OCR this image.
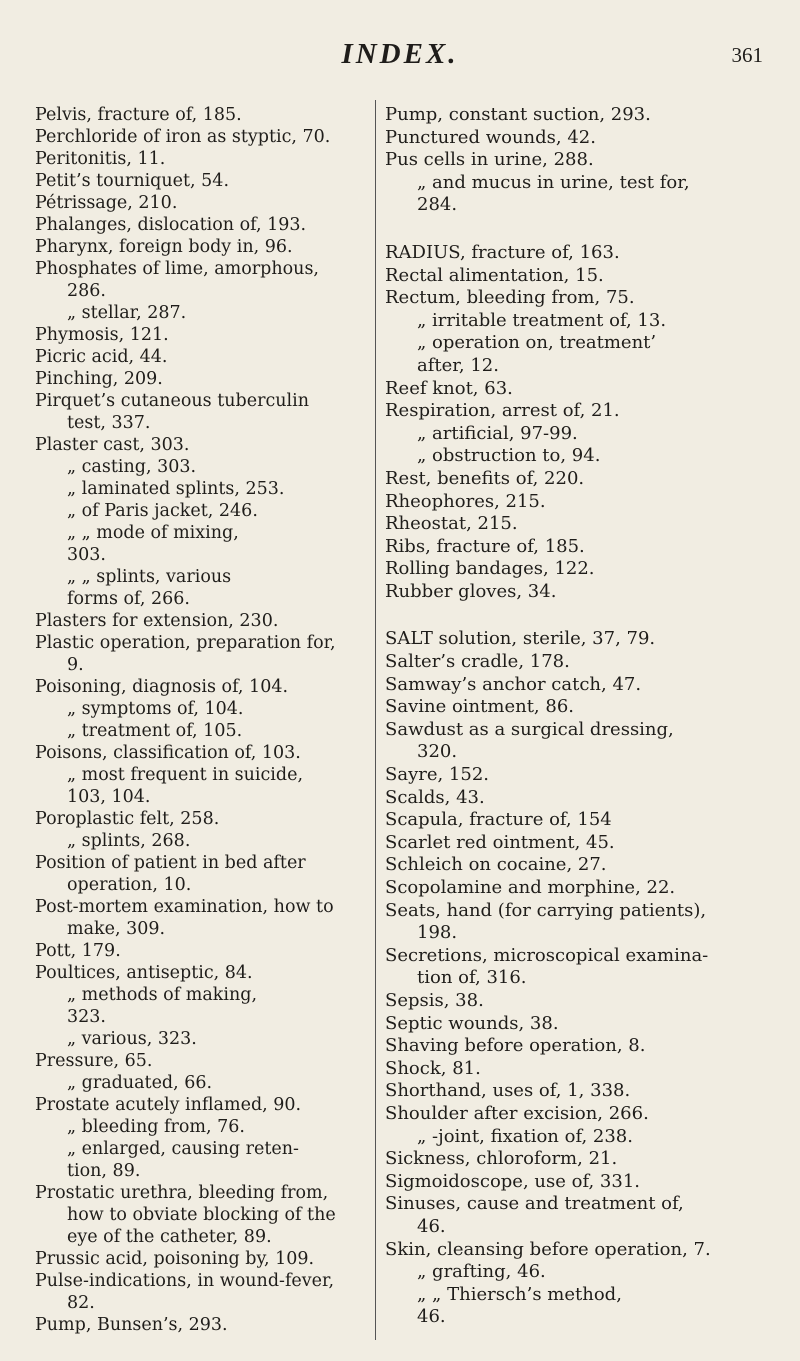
INDEX.	361
Pelvis, fracture of, 185.
Perchloride of iron as styptic, 70.
Peritonitis, 11.
Petit’s tourniquet, 54.
Pétrissage, 210.
Phalanges, dislocation of, 193.
Pharynx, foreign body in, 96.
Phosphates of lime, amorphous,
286.
„ stellar, 287.
Phymosis, 121.
Picric acid, 44.
Pinching, 209.
Pirquet’s cutaneous tuberculin
test, 337.
Plaster cast, 303.
„ casting, 303.
„ laminated splints, 253.
„ of Paris jacket, 246.
„ „ mode of mixing,
303.
„ „ splints, various
forms of, 266.
Plasters for extension, 230.
Plastic operation, preparation for,
9.
Poisoning, diagnosis of, 104.
„ symptoms of, 104.
„ treatment of, 105.
Poisons, classification of, 103.
„ most frequent in suicide,
103, 104.
Poroplastic felt, 258.
„ splints, 268.
Position of patient in bed after
operation, 10.
Post-mortem examination, how to
make, 309.
Pott, 179.
Poultices, antiseptic, 84.
„ methods of making,
323.
„ various, 323.
Pressure, 65.
„ graduated, 66.
Prostate acutely inflamed, 90.
„ bleeding from, 76.
„ enlarged, causing reten-
tion, 89.
Prostatic urethra, bleeding from,
how to obviate blocking of the
eye of the catheter, 89.
Prussic acid, poisoning by, 109.
Pulse-indications, in wound-fever,
82.
Pump, Bunsen’s, 293.
Pump, constant suction, 293.
Punctured wounds, 42.
Pus cells in urine, 288.
„ and mucus in urine, test for,
284.
RADIUS, fracture of, 163.
Rectal alimentation, 15.
Rectum, bleeding from, 75.
„ irritable treatment of, 13.
„ operation on, treatment’
after, 12.
Reef knot, 63.
Respiration, arrest of, 21.
„ artificial, 97-99.
„ obstruction to, 94.
Rest, benefits of, 220.
Rheophores, 215.
Rheostat, 215.
Ribs, fracture of, 185.
Rolling bandages, 122.
Rubber gloves, 34.
SALT solution, sterile, 37, 79.
Salter’s cradle, 178.
Samway’s anchor catch, 47.
Savine ointment, 86.
Sawdust as a surgical dressing,
320.
Sayre, 152.
Scalds, 43.
Scapula, fracture of, 154
Scarlet red ointment, 45.
Schleich on cocaine, 27.
Scopolamine and morphine, 22.
Seats, hand (for carrying patients),
198.
Secretions, microscopical examina-
tion of, 316.
Sepsis, 38.
Septic wounds, 38.
Shaving before operation, 8.
Shock, 81.
Shorthand, uses of, 1, 338.
Shoulder after excision, 266.
„ -joint, fixation of, 238.
Sickness, chloroform, 21.
Sigmoidoscope, use of, 331.
Sinuses, cause and treatment of,
46.
Skin, cleansing before operation, 7.
„ grafting, 46.
„ „ Thiersch’s method,
46.
